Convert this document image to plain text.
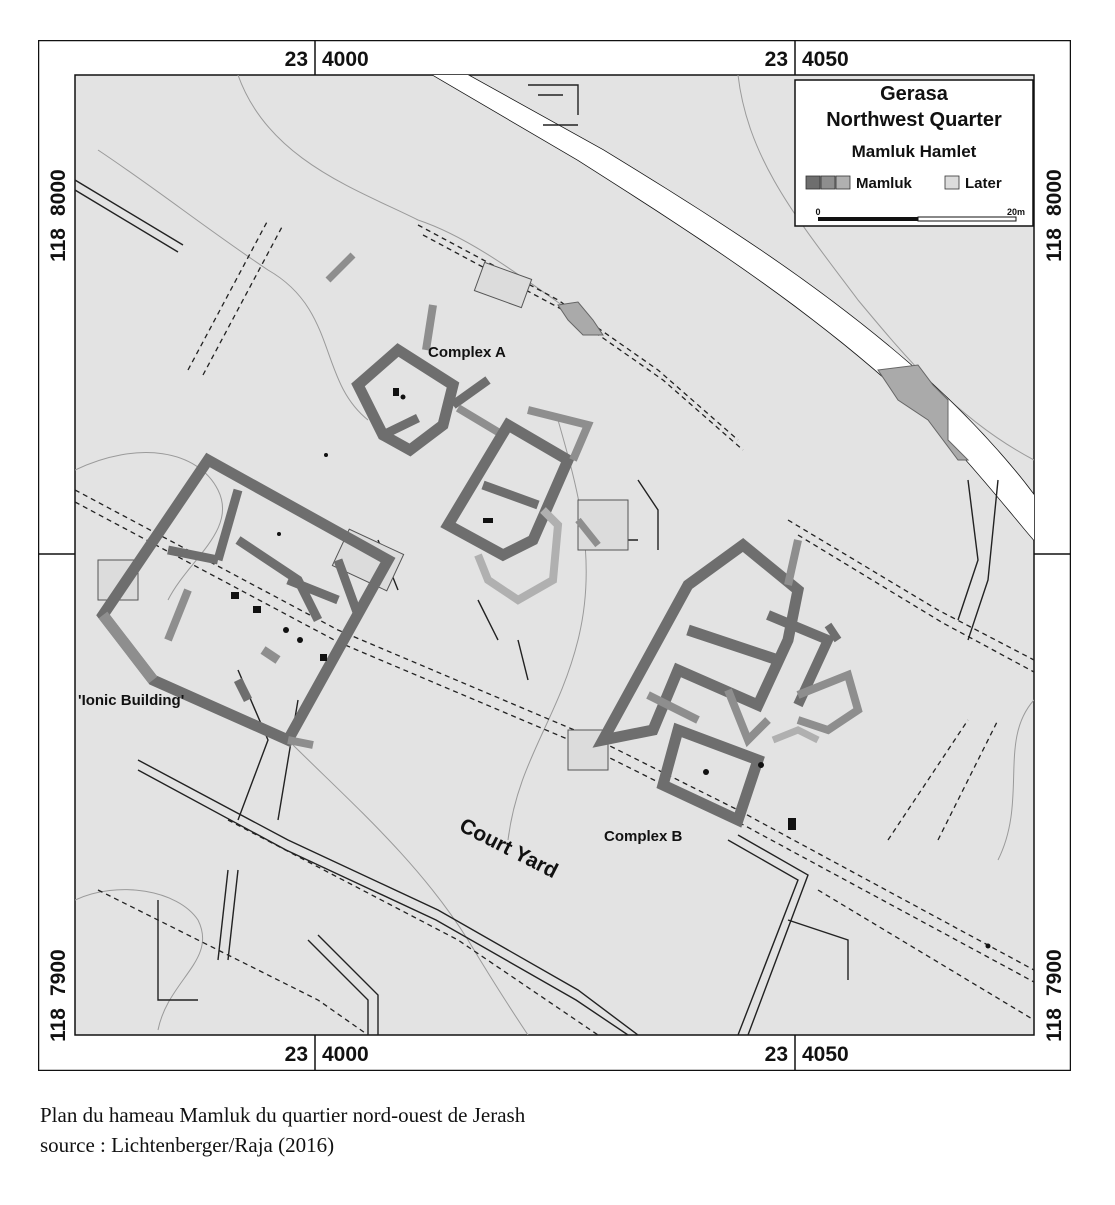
23 4000	23 4050
23 4000	23 4050
118
8000
118
7900
118
8000
118
7900
Gerasa
Northwest Quarter
Mamluk Hamlet
Mamluk	Later
0	20m
Complex A
Complex B
'Ionic Building'
Court Yard
Plan du hameau Mamluk du quartier nord-ouest de Jerash
source : Lichtenberger/Raja (2016)
